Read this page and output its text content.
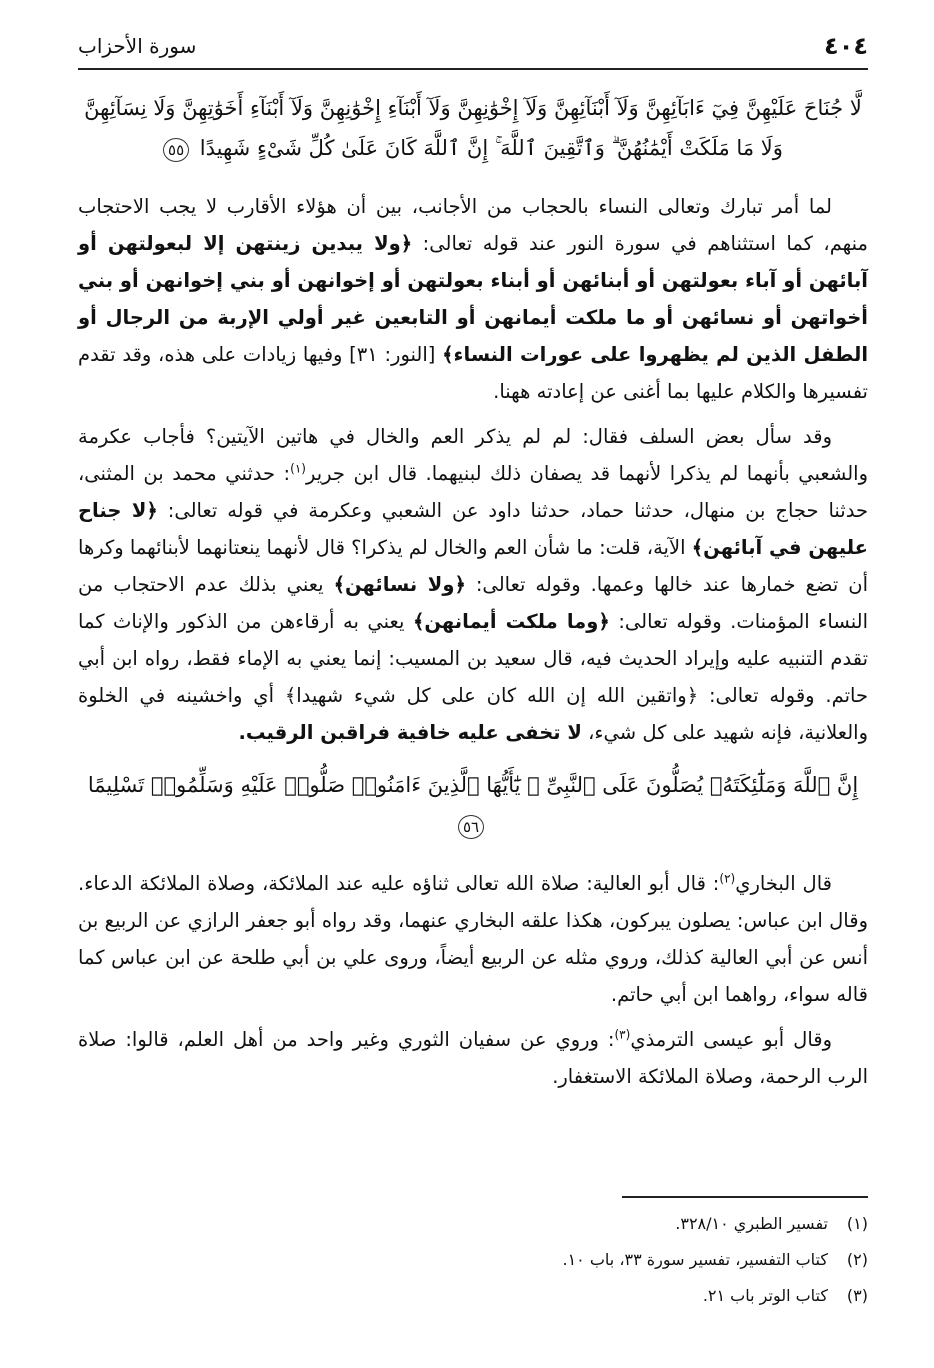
٤٠٤
سورة الأحزاب
لَّا جُنَاحَ عَلَيْهِنَّ فِيٓ ءَابَآئِهِنَّ وَلَآ أَبْنَآئِهِنَّ وَلَآ إِخْوَٰنِهِنَّ وَلَآ أَبْنَآءِ إِخْوَٰنِهِنَّ وَلَآ أَبْنَآءِ أَخَوَٰتِهِنَّ وَلَا نِسَآئِهِنَّ وَلَا مَا مَلَكَتْ أَيْمَٰنُهُنَّ ۗ وَٱتَّقِينَ ٱللَّهَ ۚ إِنَّ ٱللَّهَ كَانَ عَلَىٰ كُلِّ شَىْءٍ شَهِيدًا ٥٥

لما أمر تبارك وتعالى النساء بالحجاب من الأجانب، بين أن هؤلاء الأقارب لا يجب الاحتجاب منهم، كما استثناهم في سورة النور عند قوله تعالى: ﴿ولا يبدين زينتهن إلا لبعولتهن أو آبائهن أو آباء بعولتهن أو أبنائهن أو أبناء بعولتهن أو إخوانهن أو بني إخوانهن أو بني أخواتهن أو نسائهن أو ما ملكت أيمانهن أو التابعين غير أولي الإربة من الرجال أو الطفل الذين لم يظهروا على عورات النساء﴾ [النور: ٣١] وفيها زيادات على هذه، وقد تقدم تفسيرها والكلام عليها بما أغنى عن إعادته ههنا.

وقد سأل بعض السلف فقال: لم لم يذكر العم والخال في هاتين الآيتين؟ فأجاب عكرمة والشعبي بأنهما لم يذكرا لأنهما قد يصفان ذلك لبنيهما. قال ابن جرير$^{(١)}$: حدثني محمد بن المثنى، حدثنا حجاج بن منهال، حدثنا حماد، حدثنا داود عن الشعبي وعكرمة في قوله تعالى: ﴿لا جناح عليهن في آبائهن﴾ الآية، قلت: ما شأن العم والخال لم يذكرا؟ قال لأنهما ينعتانهما لأبنائهما وكرها أن تضع خمارها عند خالها وعمها. وقوله تعالى: ﴿ولا نسائهن﴾ يعني بذلك عدم الاحتجاب من النساء المؤمنات. وقوله تعالى: ﴿وما ملكت أيمانهن﴾ يعني به أرقاءهن من الذكور والإناث كما تقدم التنبيه عليه وإيراد الحديث فيه، قال سعيد بن المسيب: إنما يعني به الإماء فقط، رواه ابن أبي حاتم. وقوله تعالى: ﴿واتقين الله إن الله كان على كل شيء شهيدا﴾ أي واخشينه في الخلوة والعلانية، فإنه شهيد على كل شيء، لا تخفى عليه خافية فراقبن الرقيب.

إِنَّ ٱللَّهَ وَمَلَٰٓئِكَتَهُۥ يُصَلُّونَ عَلَى ٱلنَّبِىِّ ۚ يَٰٓأَيُّهَا ٱلَّذِينَ ءَامَنُوا۟ صَلُّوا۟ عَلَيْهِ وَسَلِّمُوا۟ تَسْلِيمًا ٥٦

قال البخاري$^{(٢)}$: قال أبو العالية: صلاة الله تعالى ثناؤه عليه عند الملائكة، وصلاة الملائكة الدعاء. وقال ابن عباس: يصلون يبركون، هكذا علقه البخاري عنهما، وقد رواه أبو جعفر الرازي عن الربيع بن أنس عن أبي العالية كذلك، وروي مثله عن الربيع أيضاً، وروى علي بن أبي طلحة عن ابن عباس كما قاله سواء، رواهما ابن أبي حاتم.

وقال أبو عيسى الترمذي$^{(٣)}$: وروي عن سفيان الثوري وغير واحد من أهل العلم، قالوا: صلاة الرب الرحمة، وصلاة الملائكة الاستغفار.

(١)تفسير الطبري ٣٢٨/١٠.
(٢)كتاب التفسير، تفسير سورة ٣٣، باب ١٠.
(٣)كتاب الوتر باب ٢١.
